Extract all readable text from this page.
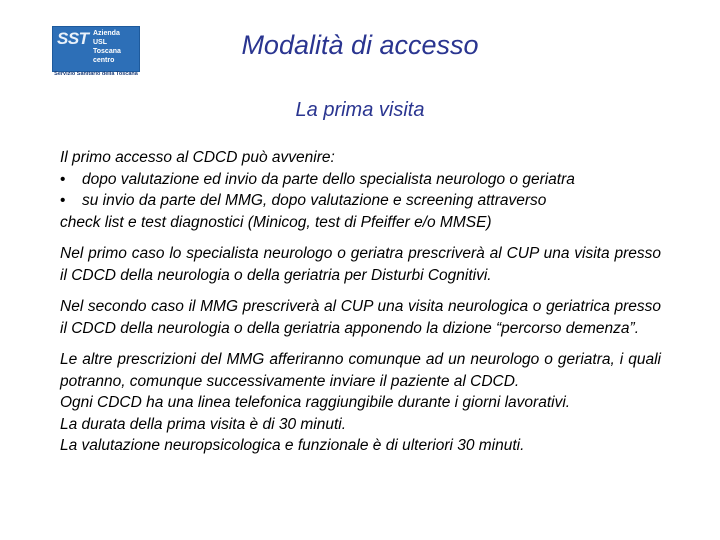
SST Azienda
USL
Toscana
centro
Servizio Sanitario della Toscana
Modalità di accesso
La prima visita

Il primo accesso al CDCD può avvenire:

•	dopo valutazione ed invio da parte dello specialista neurologo o geriatra
•	su invio da parte del MMG, dopo valutazione e screening attraverso

check list e test diagnostici (Minicog, test di Pfeiffer e/o MMSE)

Nel primo caso lo specialista neurologo o geriatra prescriverà al CUP una visita presso il CDCD della neurologia o della geriatria per Disturbi Cognitivi.

Nel secondo caso il MMG prescriverà al CUP una visita neurologica o geriatrica presso il CDCD della neurologia o della geriatria apponendo la dizione “percorso demenza”.

Le altre prescrizioni del MMG afferiranno comunque ad un neurologo o geriatra, i quali potranno, comunque successivamente inviare il paziente al CDCD.

Ogni CDCD ha una linea telefonica raggiungibile durante i giorni lavorativi.

La durata della prima visita è di 30 minuti.

La valutazione neuropsicologica e funzionale è di ulteriori 30 minuti.
